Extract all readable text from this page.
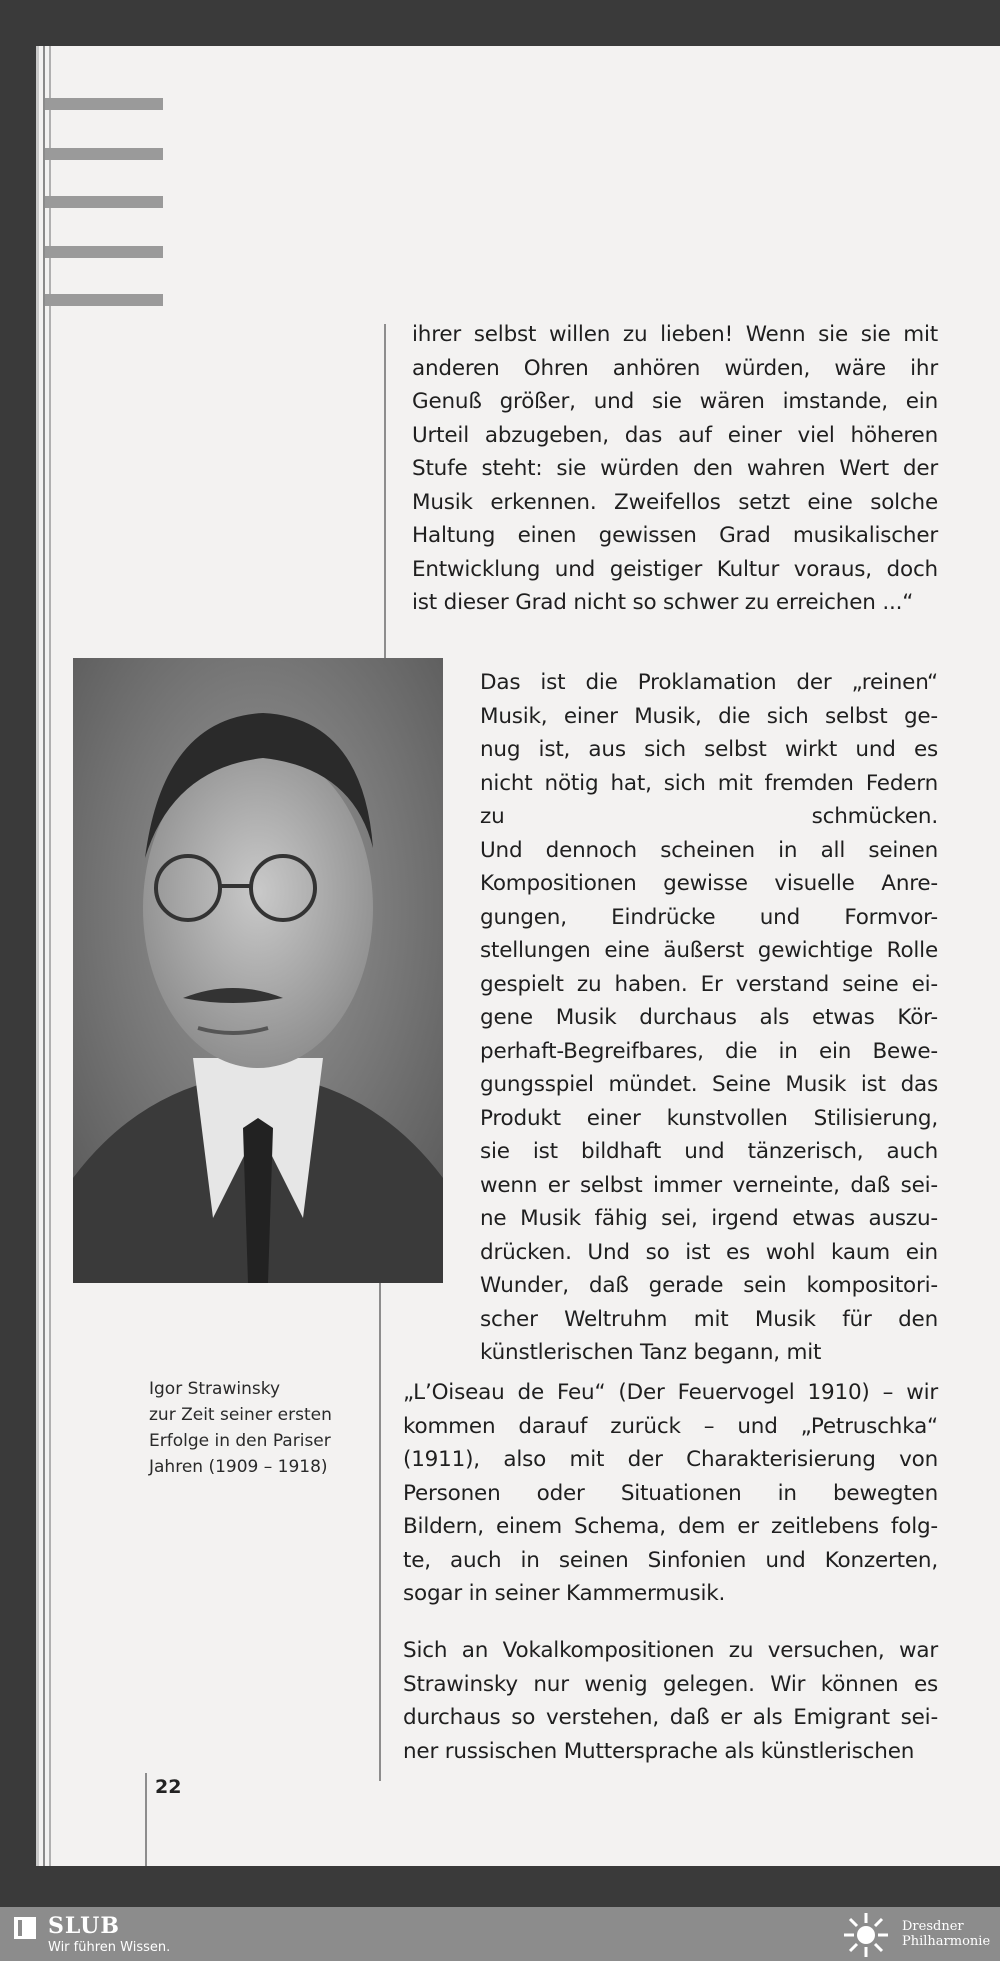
ihrer selbst willen zu lieben! Wenn sie sie mit
anderen Ohren anhören würden, wäre ihr
Genuß größer, und sie wären imstande, ein
Urteil abzugeben, das auf einer viel höheren
Stufe steht: sie würden den wahren Wert der
Musik erkennen. Zweifellos setzt eine solche
Haltung einen gewissen Grad musikalischer
Entwicklung und geistiger Kultur voraus, doch
ist dieser Grad nicht so schwer zu erreichen ...“

Das ist die Proklamation der „reinen“
Musik, einer Musik, die sich selbst ge-
nug ist, aus sich selbst wirkt und es
nicht nötig hat, sich mit fremden Federn
zu schmücken.
Und dennoch scheinen in all seinen
Kompositionen gewisse visuelle Anre-
gungen, Eindrücke und Formvor-
stellungen eine äußerst gewichtige Rolle
gespielt zu haben. Er verstand seine ei-
gene Musik durchaus als etwas Kör-
perhaft-Begreifbares, die in ein Bewe-
gungsspiel mündet. Seine Musik ist das
Produkt einer kunstvollen Stilisierung,
sie ist bildhaft und tänzerisch, auch
wenn er selbst immer verneinte, daß sei-
ne Musik fähig sei, irgend etwas auszu-
drücken. Und so ist es wohl kaum ein
Wunder, daß gerade sein kompositori-
scher Weltruhm mit Musik für den
künstlerischen Tanz begann, mit

„L’Oiseau de Feu“ (Der Feuervogel 1910) – wir
kommen darauf zurück – und „Petruschka“
(1911), also mit der Charakterisierung von
Personen oder Situationen in bewegten
Bildern, einem Schema, dem er zeitlebens folg-
te, auch in seinen Sinfonien und Konzerten,
sogar in seiner Kammermusik.

Sich an Vokalkompositionen zu versuchen, war
Strawinsky nur wenig gelegen. Wir können es
durchaus so verstehen, daß er als Emigrant sei-
ner russischen Muttersprache als künstlerischen

Igor Strawinsky
zur Zeit seiner ersten
Erfolge in den Pariser
Jahren (1909 – 1918)
22
SLUB
Wir führen Wissen.
Dresdner
Philharmonie
